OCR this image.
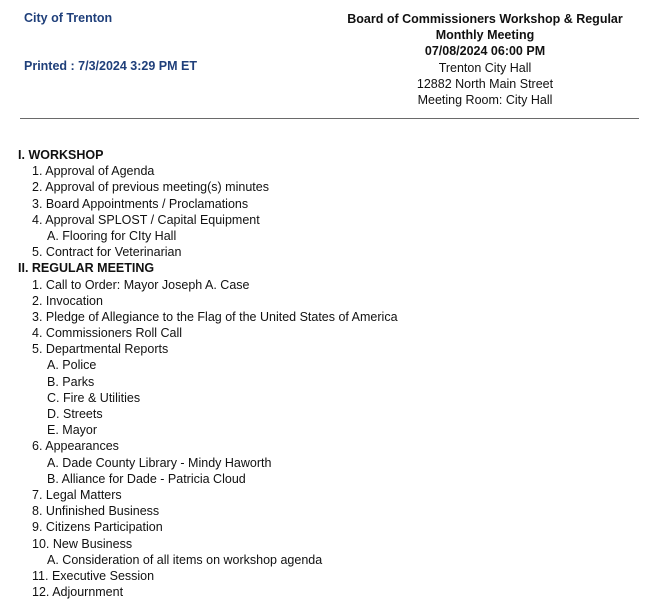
City of Trenton
Printed : 7/3/2024 3:29 PM ET
Board of Commissioners Workshop & Regular
Monthly Meeting
07/08/2024 06:00 PM
Trenton City Hall
12882 North Main Street
Meeting Room: City Hall
I. WORKSHOP
1. Approval of Agenda
2. Approval of previous meeting(s) minutes
3. Board Appointments / Proclamations
4. Approval SPLOST / Capital Equipment
A. Flooring for CIty Hall
5. Contract for Veterinarian
II. REGULAR MEETING
1. Call to Order: Mayor Joseph A. Case
2. Invocation
3. Pledge of Allegiance to the Flag of the United States of America
4. Commissioners Roll Call
5. Departmental Reports
A. Police
B. Parks
C. Fire & Utilities
D. Streets
E. Mayor
6. Appearances
A. Dade County Library - Mindy Haworth
B. Alliance for Dade - Patricia Cloud
7. Legal Matters
8. Unfinished Business
9. Citizens Participation
10. New Business
A. Consideration of all items on workshop agenda
11. Executive Session
12. Adjournment
